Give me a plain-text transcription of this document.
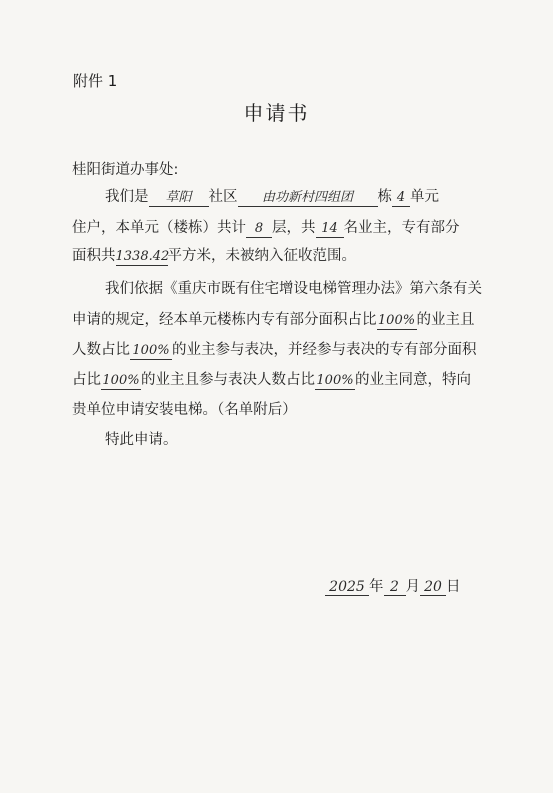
附件 1
申请书
桂阳街道办事处:
我们是 草阳 社区 由功新村四组团 栋 4 单元
住户，本单元（楼栋）共计 8 层，共 14 名业主，专有部分
面积共1338.42平方米，未被纳入征收范围。
我们依据《重庆市既有住宅增设电梯管理办法》第六条有关
申请的规定，经本单元楼栋内专有部分面积占比100%的业主且
人数占比 100% 的业主参与表决，并经参与表决的专有部分面积
占比100%的业主且参与表决人数占比100%的业主同意，特向
贵单位申请安装电梯。（名单附后）
特此申请。
2025 年 2 月 20 日
